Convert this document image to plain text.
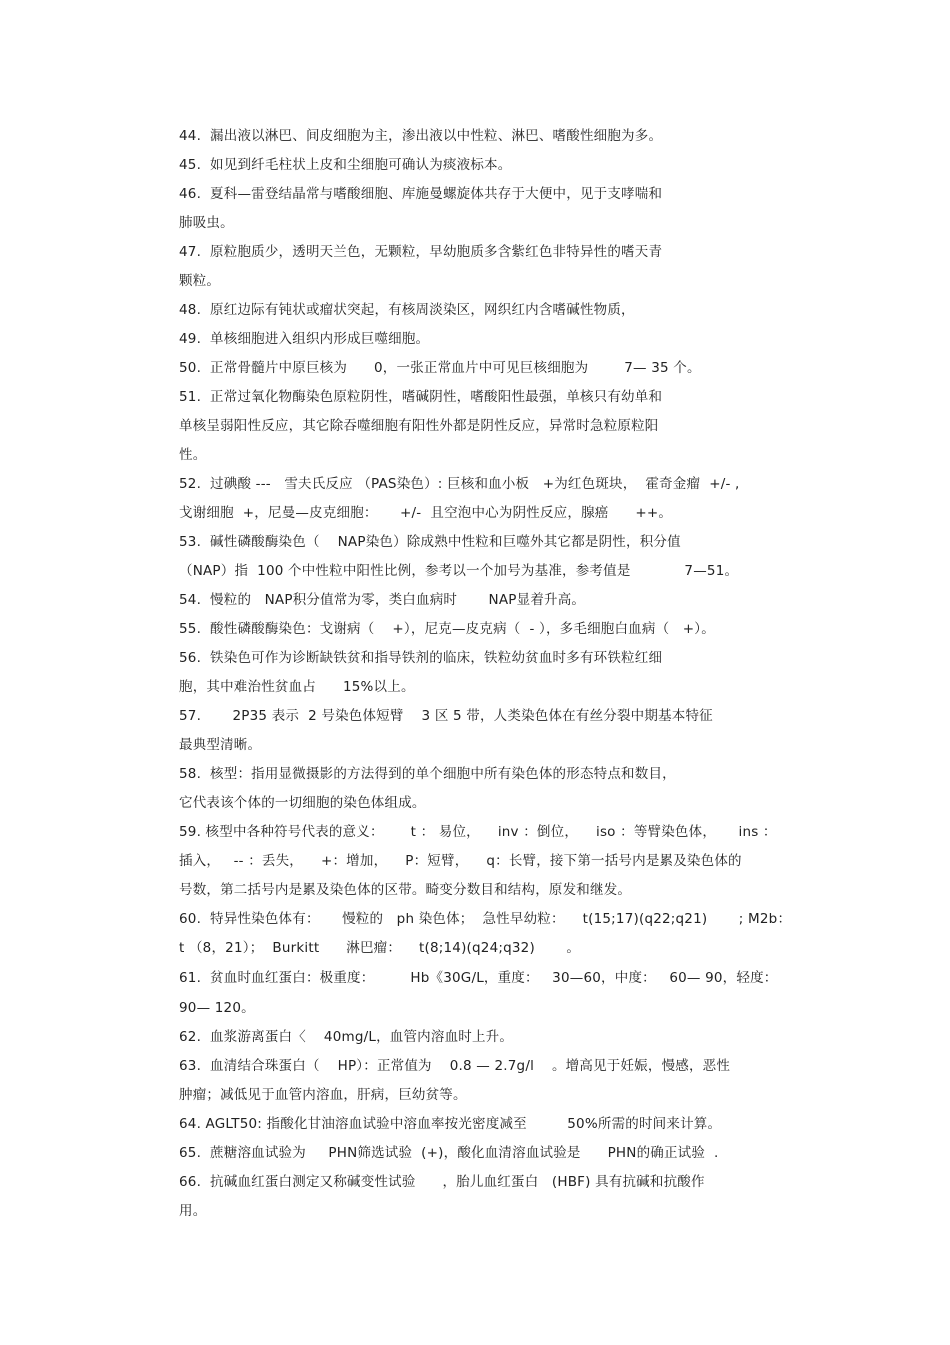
44.  漏出液以淋巴、间皮细胞为主，渗出液以中性粒、淋巴、嗜酸性细胞为多。
45.  如见到纤毛柱状上皮和尘细胞可确认为痰液标本。
46.  夏科—雷登结晶常与嗜酸细胞、库施曼螺旋体共存于大便中，见于支哮喘和
肺吸虫。
47.  原粒胞质少，透明天兰色，无颗粒，早幼胞质多含紫红色非特异性的嗜天青
颗粒。
48.  原红边际有钝状或瘤状突起，有核周淡染区，网织红内含嗜碱性物质，
49.  单核细胞进入组织内形成巨噬细胞。
50.  正常骨髓片中原巨核为      0，一张正常血片中可见巨核细胞为        7— 35 个。
51.  正常过氧化物酶染色原粒阴性，嗜碱阴性，嗜酸阳性最强，单核只有幼单和
单核呈弱阳性反应，其它除吞噬细胞有阳性外都是阴性反应，异常时急粒原粒阳
性。
52.  过碘酸 ---   雪夫氏反应 （PAS染色）: 巨核和血小板   +为红色斑块，  霍奇金瘤  +/- ,
戈谢细胞  +，尼曼—皮克细胞：     +/-  且空泡中心为阴性反应，腺癌      ++。
53.  碱性磷酸酶染色（    NAP染色）除成熟中性粒和巨噬外其它都是阴性，积分值
（NAP）指  100 个中性粒中阳性比例，参考以一个加号为基准，参考值是            7—51。
54.  慢粒的   NAP积分值常为零，类白血病时       NAP显着升高。
55.  酸性磷酸酶染色：戈谢病（    +），尼克—皮克病（  - ），多毛细胞白血病（   +）。
56.  铁染色可作为诊断缺铁贫和指导铁剂的临床，铁粒幼贫血时多有环铁粒红细
胞，其中难治性贫血占      15%以上。
57.       2P35 表示  2 号染色体短臂    3 区 5 带，人类染色体在有丝分裂中期基本特征
最典型清晰。
58.  核型：指用显微摄影的方法得到的单个细胞中所有染色体的形态特点和数目，
它代表该个体的一切细胞的染色体组成。
59. 核型中各种符号代表的意义：      t ： 易位，    inv ：倒位，    iso ：等臂染色体，     ins ：
插入，   -- ：丢失，    +：增加，    P：短臂，    q：长臂，接下第一括号内是累及染色体的
号数，第二括号内是累及染色体的区带。畸变分数目和结构，原发和继发。
60.  特异性染色体有：     慢粒的   ph 染色体；  急性早幼粒：    t(15;17)(q22;q21)       ; M2b：
t （8，21）；  Burkitt      淋巴瘤：    t(8;14)(q24;q32)       。
61.  贫血时血红蛋白：极重度：        Hb《30G/L，重度：   30—60，中度：   60— 90，轻度：
90— 120。
62.  血浆游离蛋白〈    40mg/L，血管内溶血时上升。
63.  血清结合珠蛋白（    HP）：正常值为    0.8 — 2.7g/l    。增高见于妊娠，慢感，恶性
肿瘤；减低见于血管内溶血，肝病，巨幼贫等。
64. AGLT50: 指酸化甘油溶血试验中溶血率按光密度减至         50%所需的时间来计算。
65.  蔗糖溶血试验为     PHN筛选试验  (+)，酸化血清溶血试验是      PHN的确正试验  .
66.  抗碱血红蛋白测定又称碱变性试验      ，胎儿血红蛋白   (HBF) 具有抗碱和抗酸作
用。
